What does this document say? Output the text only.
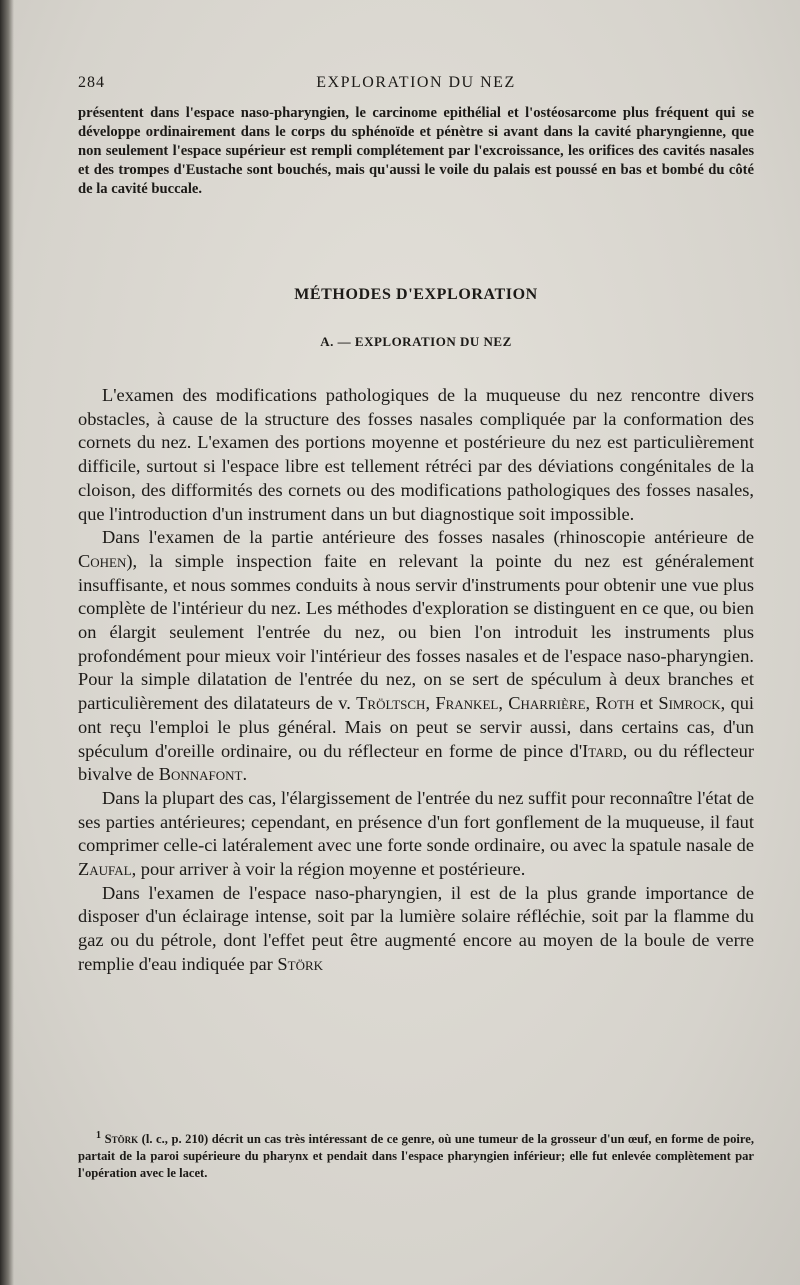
284	EXPLORATION DU NEZ

présentent dans l'espace naso-pharyngien, le carcinome epithélial et l'ostéosarcome plus fréquent qui se développe ordinairement dans le corps du sphénoïde et pénètre si avant dans la cavité pharyngienne, que non seulement l'espace supérieur est rempli complétement par l'excroissance, les orifices des cavités nasales et des trompes d'Eustache sont bouchés, mais qu'aussi le voile du palais est poussé en bas et bombé du côté de la cavité buccale.

MÉTHODES D'EXPLORATION
A. — EXPLORATION DU NEZ

L'examen des modifications pathologiques de la muqueuse du nez rencontre divers obstacles, à cause de la structure des fosses nasales compliquée par la conformation des cornets du nez. L'examen des portions moyenne et postérieure du nez est particulièrement difficile, surtout si l'espace libre est tellement rétréci par des déviations congénitales de la cloison, des difformités des cornets ou des modifications pathologiques des fosses nasales, que l'introduction d'un instrument dans un but diagnostique soit impossible.

Dans l'examen de la partie antérieure des fosses nasales (rhinoscopie antérieure de Cohen), la simple inspection faite en relevant la pointe du nez est généralement insuffisante, et nous sommes conduits à nous servir d'instruments pour obtenir une vue plus complète de l'intérieur du nez. Les méthodes d'exploration se distinguent en ce que, ou bien on élargit seulement l'entrée du nez, ou bien l'on introduit les instruments plus profondément pour mieux voir l'intérieur des fosses nasales et de l'espace naso-pharyngien. Pour la simple dilatation de l'entrée du nez, on se sert de spéculum à deux branches et particulièrement des dilatateurs de v. Tröltsch, Frankel, Charrière, Roth et Simrock, qui ont reçu l'emploi le plus général. Mais on peut se servir aussi, dans certains cas, d'un spéculum d'oreille ordinaire, ou du réflecteur en forme de pince d'Itard, ou du réflecteur bivalve de Bonnafont.

Dans la plupart des cas, l'élargissement de l'entrée du nez suffit pour reconnaître l'état de ses parties antérieures; cependant, en présence d'un fort gonflement de la muqueuse, il faut comprimer celle-ci latéralement avec une forte sonde ordinaire, ou avec la spatule nasale de Zaufal, pour arriver à voir la région moyenne et postérieure.

Dans l'examen de l'espace naso-pharyngien, il est de la plus grande importance de disposer d'un éclairage intense, soit par la lumière solaire réfléchie, soit par la flamme du gaz ou du pétrole, dont l'effet peut être augmenté encore au moyen de la boule de verre remplie d'eau indiquée par Störk

$^1$ Störk (l. c., p. 210) décrit un cas très intéressant de ce genre, où une tumeur de la grosseur d'un œuf, en forme de poire, partait de la paroi supérieure du pharynx et pendait dans l'espace pharyngien inférieur; elle fut enlevée complètement par l'opération avec le lacet.
